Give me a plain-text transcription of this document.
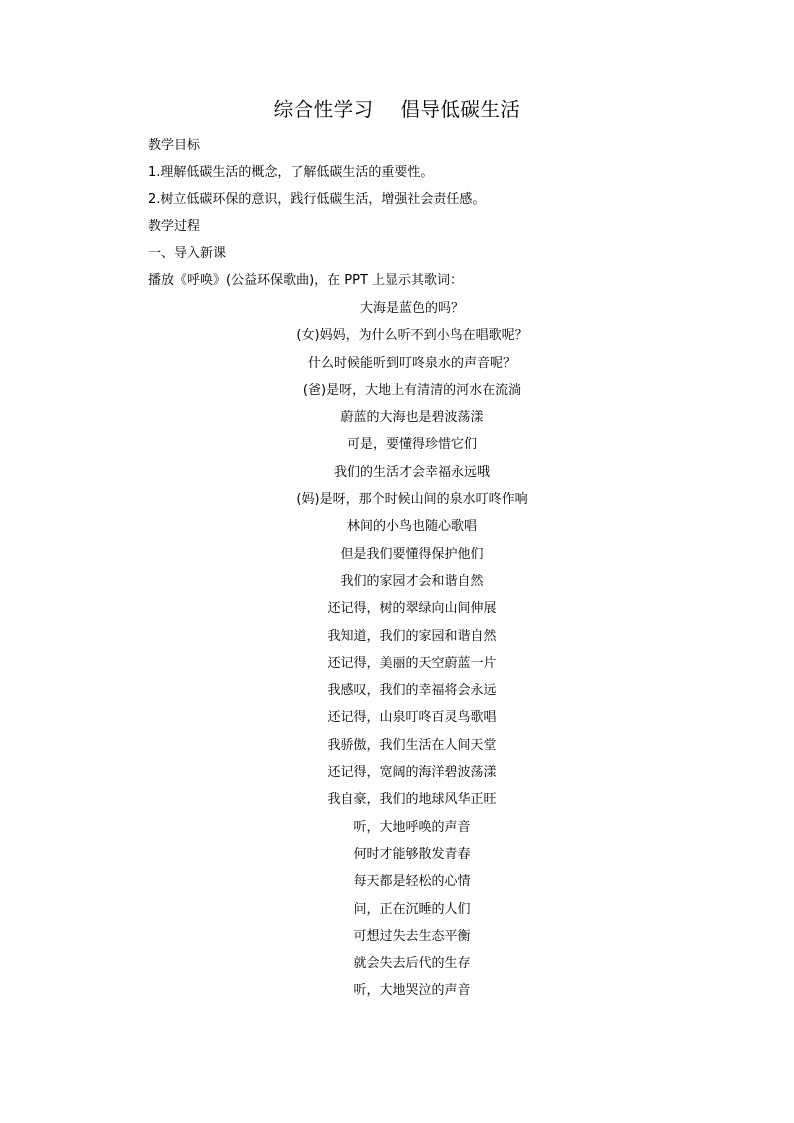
综合性学习    倡导低碳生活
教学目标
1.理解低碳生活的概念，了解低碳生活的重要性。
2.树立低碳环保的意识，践行低碳生活，增强社会责任感。
教学过程
一、导入新课
播放《呼唤》(公益环保歌曲)，在 PPT 上显示其歌词：
大海是蓝色的吗？
(女)妈妈，为什么听不到小鸟在唱歌呢？
什么时候能听到叮咚泉水的声音呢？
(爸)是呀，大地上有清清的河水在流淌
蔚蓝的大海也是碧波荡漾
可是，要懂得珍惜它们
我们的生活才会幸福永远哦
(妈)是呀，那个时候山间的泉水叮咚作响
林间的小鸟也随心歌唱
但是我们要懂得保护他们
我们的家园才会和谐自然
还记得，树的翠绿向山间伸展
我知道，我们的家园和谐自然
还记得，美丽的天空蔚蓝一片
我感叹，我们的幸福将会永远
还记得，山泉叮咚百灵鸟歌唱
我骄傲，我们生活在人间天堂
还记得，宽阔的海洋碧波荡漾
我自豪，我们的地球风华正旺
听，大地呼唤的声音
何时才能够散发青春
每天都是轻松的心情
问，正在沉睡的人们
可想过失去生态平衡
就会失去后代的生存
听，大地哭泣的声音
